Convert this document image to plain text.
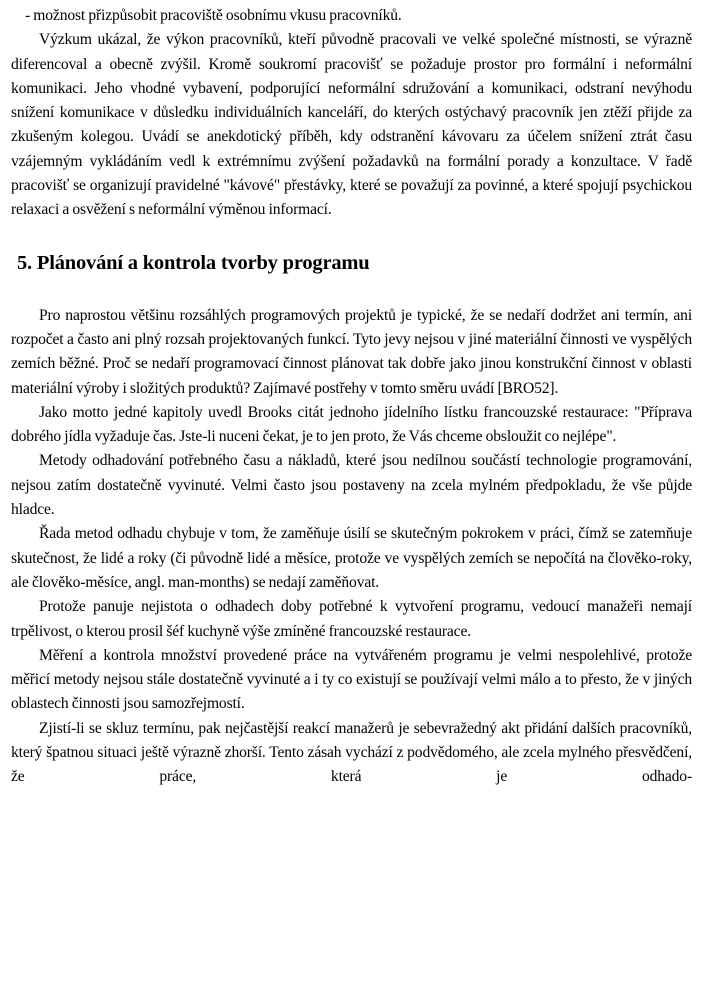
- možnost přizpůsobit pracoviště osobnímu vkusu pracovníků.

Výzkum ukázal, že výkon pracovníků, kteří původně pracovali ve velké společné místnosti, se výrazně diferencoval a obecně zvýšil. Kromě soukromí pracovišť se požaduje prostor pro formální i neformální komunikaci. Jeho vhodné vybavení, podporující neformální sdružování a komunikaci, odstraní nevýhodu snížení komunikace v důsledku individuálních kanceláří, do kterých ostýchavý pracovník jen ztěží přijde za zkušeným kolegou. Uvádí se anekdotický příběh, kdy odstranění kávovaru za účelem snížení ztrát času vzájemným vykládáním vedl k extrémnímu zvýšení požadavků na formální porady a konzultace. V řadě pracovišť se organizují pravidelné "kávové" přestávky, které se považují za povinné, a které spojují psychickou relaxaci a osvěžení s neformální výměnou informací.

5. Plánování a kontrola tvorby programu

Pro naprostou většinu rozsáhlých programových projektů je typické, že se nedaří dodržet ani termín, ani rozpočet a často ani plný rozsah projektovaných funkcí. Tyto jevy nejsou v jiné materiální činnosti ve vyspělých zemích běžné. Proč se nedaří programovací činnost plánovat tak dobře jako jinou konstrukční činnost v oblasti materiální výroby i složitých produktů? Zajímavé postřehy v tomto směru uvádí [BRO52].

Jako motto jedné kapitoly uvedl Brooks citát jednoho jídelního lístku francouzské restaurace: "Příprava dobrého jídla vyžaduje čas. Jste-li nuceni čekat, je to jen proto, že Vás chceme obsloužit co nejlépe".

Metody odhadování potřebného času a nákladů, které jsou nedílnou součástí technologie programování, nejsou zatím dostatečně vyvinuté. Velmi často jsou postaveny na zcela mylném předpokladu, že vše půjde hladce.

Řada metod odhadu chybuje v tom, že zaměňuje úsilí se skutečným pokrokem v práci, čímž se zatemňuje skutečnost, že lidé a roky (či původně lidé a měsíce, protože ve vyspělých zemích se nepočítá na člověko-roky, ale člověko-měsíce, angl. man-months) se nedají zaměňovat.

Protože panuje nejistota o odhadech doby potřebné k vytvoření programu, vedoucí manažeři nemají trpělivost, o kterou prosil šéf kuchyně výše zmíněné francouzské restaurace.

Měření a kontrola množství provedené práce na vytvářeném programu je velmi nespolehlivé, protože měřicí metody nejsou stále dostatečně vyvinuté a i ty co existují se používají velmi málo a to přesto, že v jiných oblastech činnosti jsou samozřejmostí.

Zjistí-li se skluz termínu, pak nejčastější reakcí manažerů je sebevražedný akt přidání dalších pracovníků, který špatnou situaci ještě výrazně zhorší. Tento zásah vychází z podvědomého, ale zcela mylného přesvědčení, že práce, která je odhado-
